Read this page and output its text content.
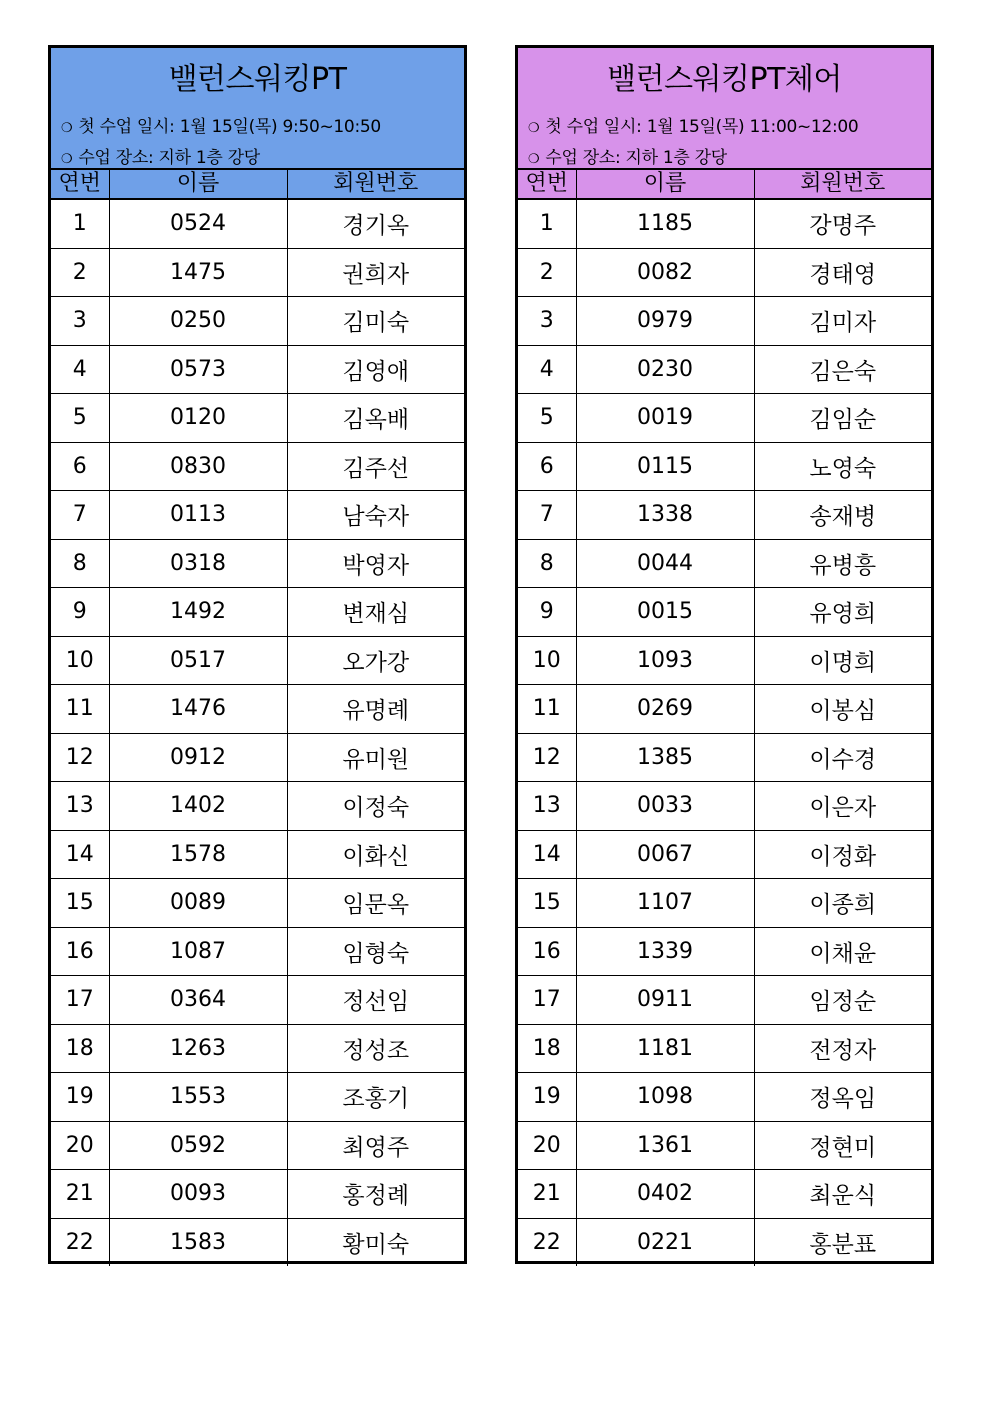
밸런스워킹PT
❍ 첫 수업 일시: 1월 15일(목) 9:50~10:50
❍ 수업 장소: 지하 1층 강당
연번	이름	회원번호
1	0524	경기옥
2	1475	권희자
3	0250	김미숙
4	0573	김영애
5	0120	김옥배
6	0830	김주선
7	0113	남숙자
8	0318	박영자
9	1492	변재심
10	0517	오가강
11	1476	유명례
12	0912	유미원
13	1402	이정숙
14	1578	이화신
15	0089	임문옥
16	1087	임형숙
17	0364	정선임
18	1263	정성조
19	1553	조홍기
20	0592	최영주
21	0093	홍정례
22	1583	황미숙
밸런스워킹PT체어
❍ 첫 수업 일시: 1월 15일(목) 11:00~12:00
❍ 수업 장소: 지하 1층 강당
연번	이름	회원번호
1	1185	강명주
2	0082	경태영
3	0979	김미자
4	0230	김은숙
5	0019	김임순
6	0115	노영숙
7	1338	송재병
8	0044	유병흥
9	0015	유영희
10	1093	이명희
11	0269	이봉심
12	1385	이수경
13	0033	이은자
14	0067	이정화
15	1107	이종희
16	1339	이채윤
17	0911	임정순
18	1181	전정자
19	1098	정옥임
20	1361	정현미
21	0402	최운식
22	0221	홍분표
